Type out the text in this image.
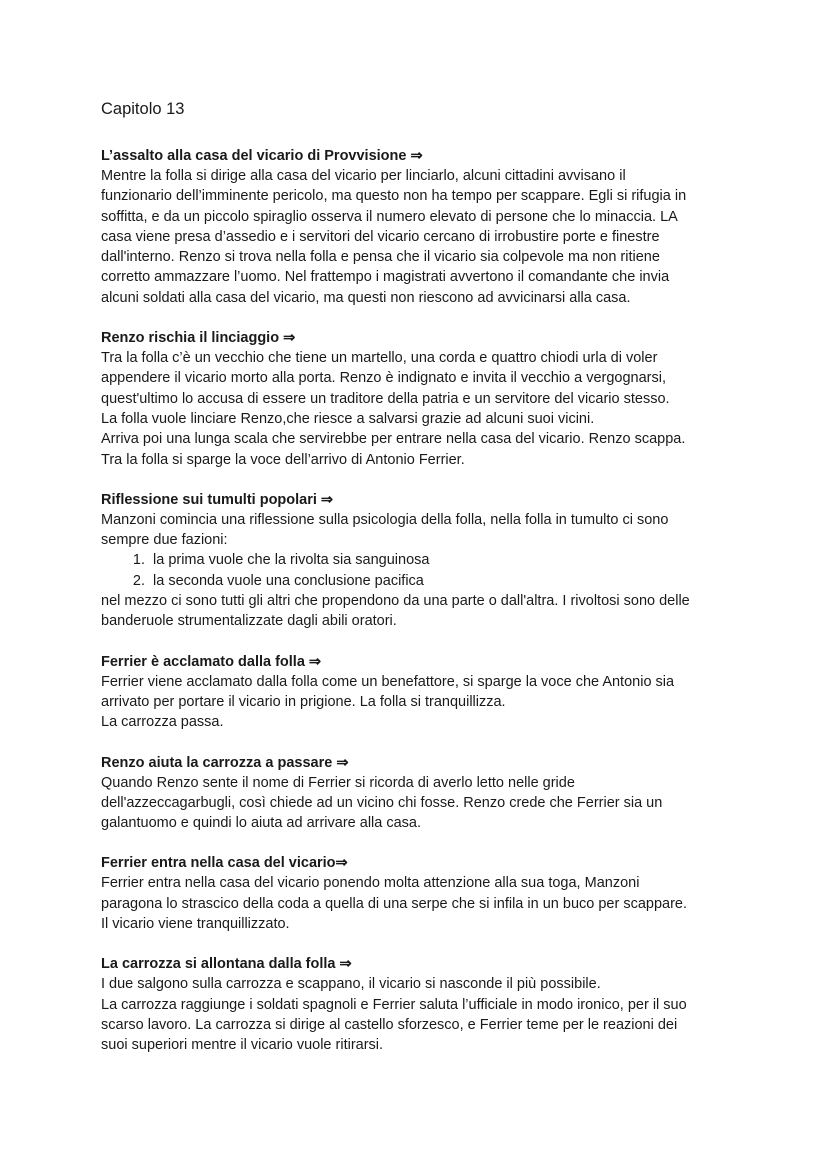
Capitolo 13

L’assalto alla casa del vicario di Provvisione ⇒

Mentre la folla si dirige alla casa del vicario per linciarlo, alcuni cittadini avvisano il
funzionario dell’imminente pericolo, ma questo non ha tempo per scappare. Egli si rifugia in
soffitta, e da un piccolo spiraglio osserva il numero elevato di persone che lo minaccia. LA
casa viene presa d’assedio e i servitori del vicario cercano di irrobustire porte e finestre
dall'interno. Renzo si trova nella folla e pensa che il vicario sia colpevole ma non ritiene
corretto ammazzare l’uomo. Nel frattempo i magistrati avvertono il comandante che invia
alcuni soldati alla casa del vicario, ma questi non riescono ad avvicinarsi alla casa.

Renzo rischia il linciaggio ⇒

Tra la folla c’è un vecchio che tiene un martello, una corda e quattro chiodi urla di voler
appendere il vicario morto alla porta. Renzo è indignato e invita il vecchio a vergognarsi,
quest'ultimo lo accusa di essere un traditore della patria e un servitore del vicario stesso.
La folla vuole linciare Renzo,che riesce a salvarsi grazie ad alcuni suoi vicini.
Arriva poi una lunga scala che servirebbe per entrare nella casa del vicario. Renzo scappa.
Tra la folla si sparge la voce dell’arrivo di Antonio Ferrier.

Riflessione sui tumulti popolari ⇒

Manzoni comincia una riflessione sulla psicologia della folla, nella folla in tumulto ci sono
sempre due fazioni:

1. la prima vuole che la rivolta sia sanguinosa
2. la seconda vuole una conclusione pacifica

nel mezzo ci sono tutti gli altri che propendono da una parte o dall'altra. I rivoltosi sono delle
banderuole strumentalizzate dagli abili oratori.

Ferrier è acclamato dalla folla ⇒

Ferrier viene acclamato dalla folla come un benefattore, si sparge la voce che Antonio sia
arrivato per portare il vicario in prigione. La folla si tranquillizza.
La carrozza passa.

Renzo aiuta la carrozza a passare ⇒

Quando Renzo sente il nome di Ferrier si ricorda di averlo letto nelle gride
dell'azzeccagarbugli, così chiede ad un vicino chi fosse. Renzo crede che Ferrier sia un
galantuomo e quindi lo aiuta ad arrivare alla casa.

Ferrier entra nella casa del vicario⇒

Ferrier entra nella casa del vicario ponendo molta attenzione alla sua toga, Manzoni
paragona lo strascico della coda a quella di una serpe che si infila in un buco per scappare.
Il vicario viene tranquillizzato.

La carrozza si allontana dalla folla ⇒

I due salgono sulla carrozza e scappano, il vicario si nasconde il più possibile.
La carrozza raggiunge i soldati spagnoli e Ferrier saluta l’ufficiale in modo ironico, per il suo
scarso lavoro. La carrozza si dirige al castello sforzesco, e Ferrier teme per le reazioni dei
suoi superiori mentre il vicario vuole ritirarsi.
